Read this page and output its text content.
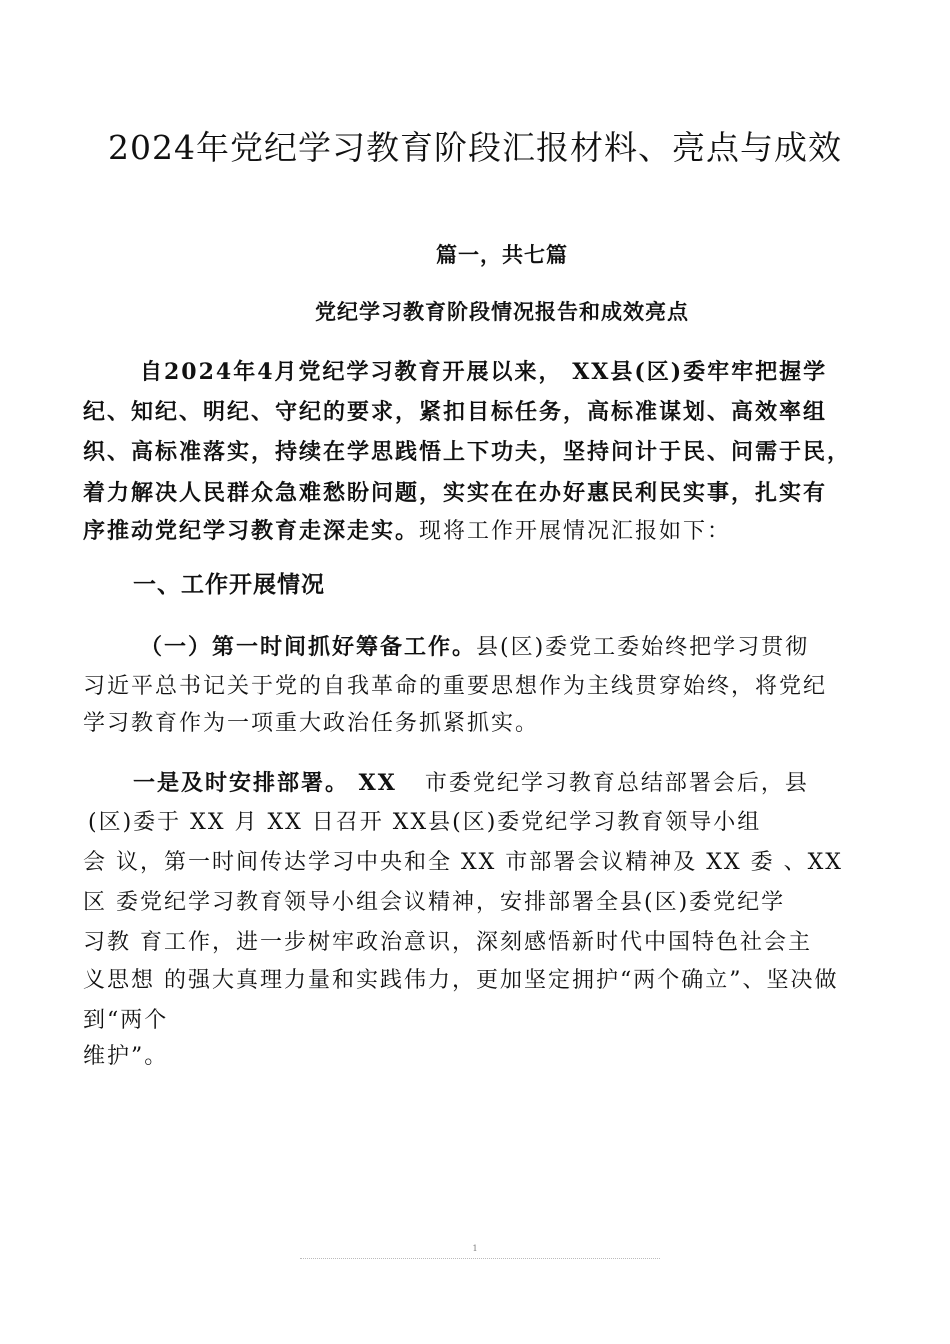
2024年党纪学习教育阶段汇报材料、亮点与成效
篇一，共七篇
党纪学习教育阶段情况报告和成效亮点
自2024年4月党纪学习教育开展以来， XX县(区)委牢牢把握学
纪、知纪、明纪、守纪的要求，紧扣目标任务，高标准谋划、高效率组
织、高标准落实，持续在学思践悟上下功夫，坚持问计于民、问需于民，
着力解决人民群众急难愁盼问题，实实在在办好惠民利民实事，扎实有
序推动党纪学习教育走深走实。现将工作开展情况汇报如下：
一、工作开展情况
（一）第一时间抓好筹备工作。县(区)委党工委始终把学习贯彻
习近平总书记关于党的自我革命的重要思想作为主线贯穿始终，将党纪
学习教育作为一项重大政治任务抓紧抓实。
一是及时安排部署。 XX 市委党纪学习教育总结部署会后，县
(区)委于 XX 月 XX 日召开 XX县(区)委党纪学习教育领导小组
会 议，第一时间传达学习中央和全 XX 市部署会议精神及 XX 委 、XX
区 委党纪学习教育领导小组会议精神，安排部署全县(区)委党纪学
习教 育工作，进一步树牢政治意识，深刻感悟新时代中国特色社会主
义思想 的强大真理力量和实践伟力，更加坚定拥护“两个确立”、坚决做
到“两个
维护”。
1
